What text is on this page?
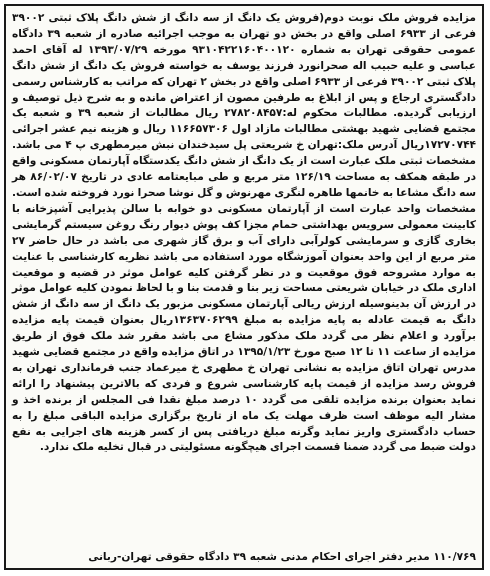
مزایده فروش ملک نوبت دوم(فروش یک دانگ از سه دانگ از شش دانگ پلاک ثبتی ۳۹۰۰۲ فرعی از ۶۹۳۳ اصلی واقع در بخش دو تهران به موجب اجرائیه صادره از شعبه ۳۹ دادگاه عمومی حقوقی تهران به شماره ۹۳۱۰۴۲۲۱۶۰۴۰۰۱۲۰ مورخه ۱۳۹۳/۰۷/۲۹ له آقای احمد عباسی و علیه حبیب اله صحرانورد فرزند یوسف به خواسته فروش یک دانگ از شش دانگ پلاک ثبتی ۳۹۰۰۲ فرعی از ۶۹۳۳ اصلی واقع در بخش ۲ تهران که مراتب به کارشناس رسمی دادگستری ارجاع و پس از ابلاغ به طرفین مصون از اعتراض مانده و به شرح ذیل توصیف و ارزیابی گردیده. مطالبات محکوم له:۲۷۸۲۰۸۴۵۷ ریال مطالبات از شعبه ۳۹ و شعبه یک مجتمع قضایی شهید بهشتی مطالبات مازاد اول ۱۱۶۶۵۷۳۰۶ ریال و هزینه نیم عشر اجرائی ۱۷۲۷۰۷۴۴ریال آدرس ملک:تهران خ شریعتی پل سیدخندان نبش میرمطهری پ ۴ می باشد. مشخصات ثبتی ملک عبارت است از یک دانگ از شش دانگ یکدستگاه آپارتمان مسکونی واقع در طبقه همکف به مساحت ۱۲۶/۱۹ متر مربع و طی مبایعتامه عادی در تاریخ ۸۶/۰۲/۰۷ هر سه دانگ مشاعا به خانمها طاهره لنگری مهرنوش و گل نوشا صحرا نورد فروخته شده است. مشخصات واحد عبارت است از آپارتمان مسکونی دو خوابه با سالن پذیرایی آشپزخانه با کابینت معمولی سرویس بهداشتی حمام مجزا کف پوش دیوار رنگ روغن سیستم گرمایشی بخاری گازی و سرمایشی کولرآبی دارای آب و برق گاز شهری می باشد در حال حاضر ۲۷ متر مربع از این واحد بعنوان آموزشگاه مورد استفاده می باشد نظریه کارشناسی با عنایت به موارد مشروحه فوق موقعیت و در نظر گرفتن کلیه عوامل موثر در قضیه و موقعیت اداری ملک در خیابان شریعتی مساحت زیر بنا و قدمت بنا و با لحاظ نمودن کلیه عوامل موثر در ارزش آن بدینوسیله ارزش ریالی آپارتمان مسکونی مزبور یک دانگ از سه دانگ از شش دانگ به قیمت عادله به پایه مزایده به مبلغ ۱۳۶۳۷۰۶۲۹۹ریال بعنوان قیمت پایه مزایده برآورد و اعلام نظر می گردد ملک مذکور مشاع می باشد مقرر شد ملک فوق از طریق مزایده از ساعت ۱۱ تا ۱۲ صبح مورخ ۱۳۹۵/۱/۲۳ در اتاق مزایده واقع در مجتمع قضایی شهید مدرس تهران اتاق مزایده به نشانی تهران خ مطهری خ میرعماد جنب فرمانداری تهران به فروش رسد مزایده از قیمت پایه کارشناسی شروع و فردی که بالاترین پیشنهاد را ارائه نماید بعنوان برنده مزایده تلقی می گردد ۱۰ درصد مبلغ نقدا فی المجلس از برنده اخذ و مشار الیه موظف است ظرف مهلت یک ماه از تاریخ برگزاری مزایده الباقی مبلغ را به حساب دادگستری واریز نماید وگرنه مبلغ دریافتی پس از کسر هزینه های اجرایی به نفع دولت ضبط می گردد ضمنا قسمت اجرای هیچگونه مسئولیتی در قبال تخلیه ملک ندارد.

۱۱۰/۷۶۹ مدیر دفتر اجرای احکام مدنی شعبه ۳۹ دادگاه حقوقی تهران-ربانی
